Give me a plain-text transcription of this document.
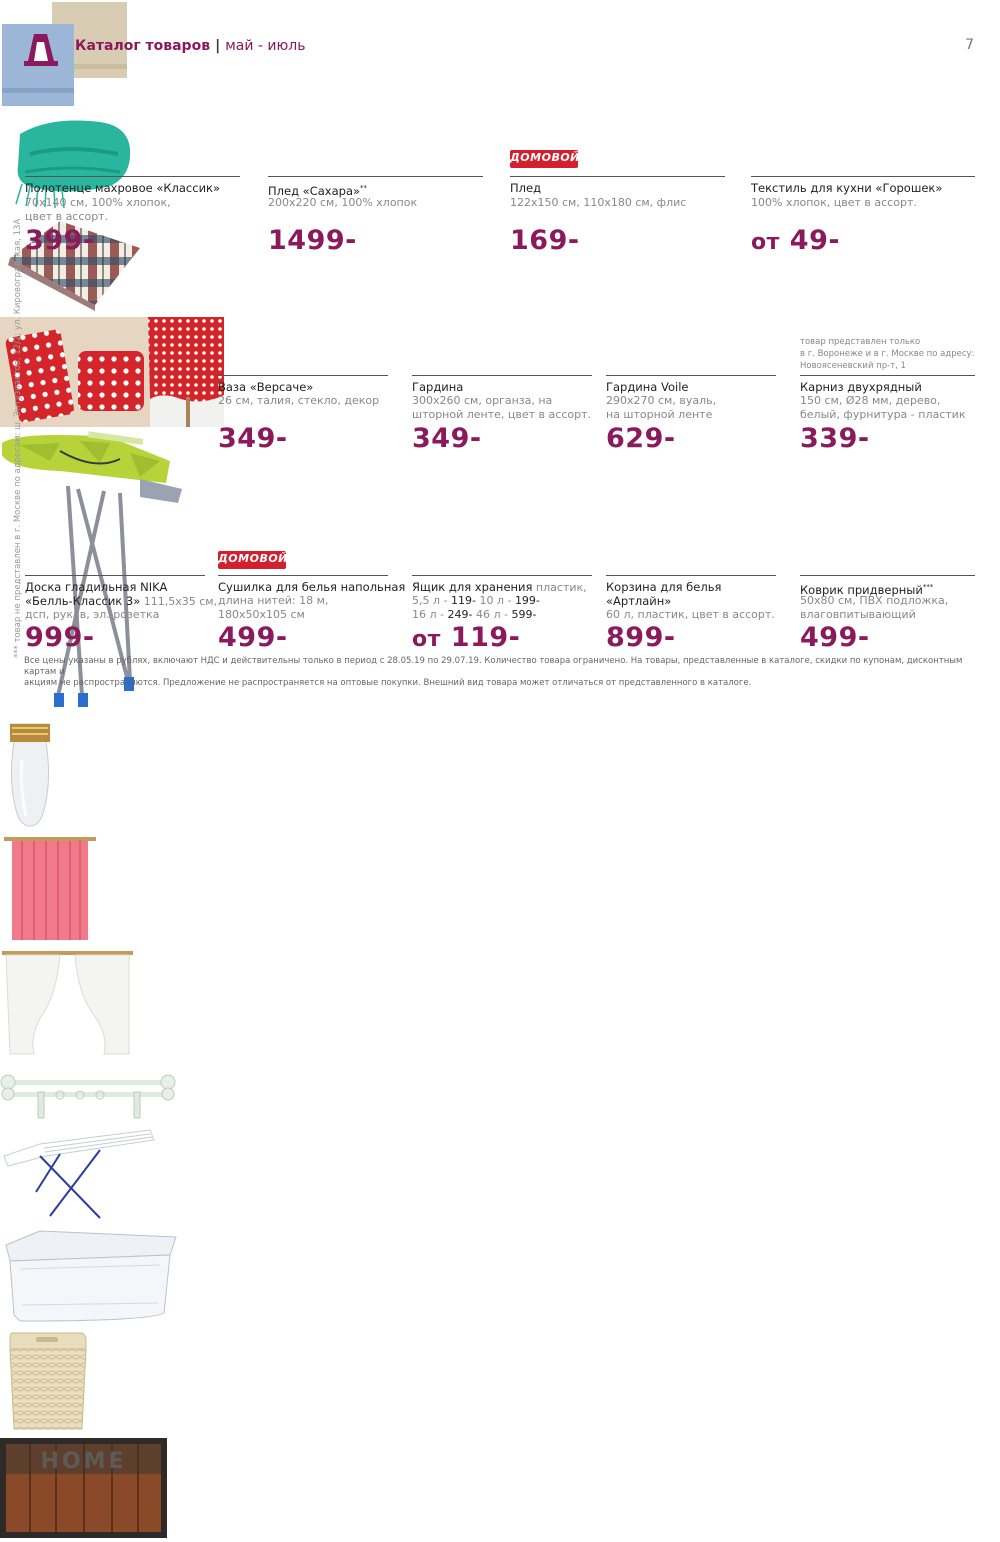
Каталог товаров | май - июль	7
*** товар не представлен в г. Москве по адресам: ш. Энтузиастов, 12/2; ул. Кировоградская, 13А
Полотенце махровое «Классик»
70х140 см, 100% хлопок,
цвет в ассорт.
399-
Плед «Сахара»**
200х220 см, 100% хлопок
1499-
ДОМОВОЙ
Плед
122х150 см, 110х180 см, флис
169-
Текстиль для кухни «Горошек»
100% хлопок, цвет в ассорт.
от 49-
Доска гладильная NIKA
«Белль-Классик 3» 111,5х35 см,
дсп, рукав, эл. розетка
999-
Ваза «Версаче»
26 см, талия, стекло, декор
349-
Гардина
300х260 см, органза, на
шторной ленте, цвет в ассорт.
349-
Гардина Voile
290х270 см, вуаль,
на шторной ленте
629-
товар представлен только
в г. Воронеже и в г. Москве по адресу:
Новоясеневский пр-т, 1
Карниз двухрядный
150 см, Ø28 мм, дерево,
белый, фурнитура - пластик
339-
ДОМОВОЙ
Сушилка для белья напольная
длина нитей: 18 м,
180х50х105 см
499-
Ящик для хранения пластик,
5,5 л - 119- 10 л - 199-
16 л - 249- 46 л - 599-
от 119-
Корзина для белья
«Артлайн»
60 л, пластик, цвет в ассорт.
899-
HOME
Коврик придверный***
50х80 см, ПВХ подложка,
влаговпитывающий
499-
Все цены указаны в рублях, включают НДС и действительны только в период с 28.05.19 по 29.07.19. Количество товара ограничено. На товары, представленные в каталоге, скидки по купонам, дисконтным картам и
акциям не распространяются. Предложение не распространяется на оптовые покупки. Внешний вид товара может отличаться от представленного в каталоге.
